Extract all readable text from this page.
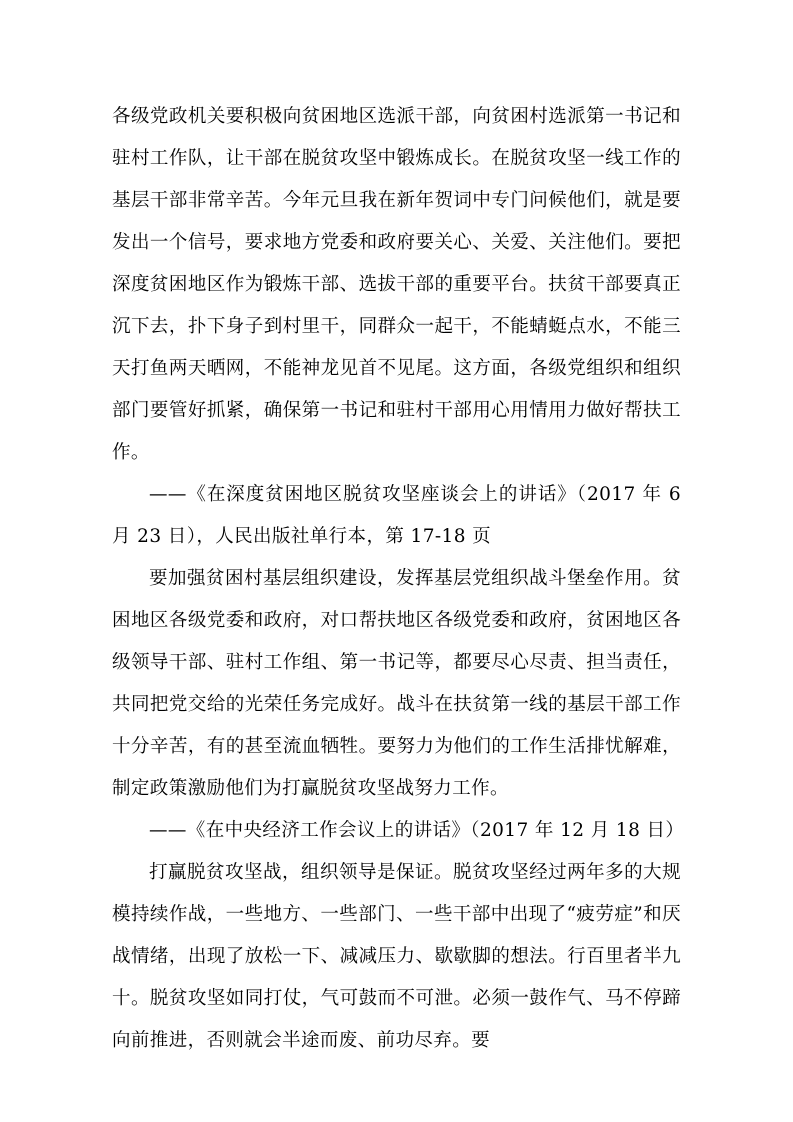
各级党政机关要积极向贫困地区选派干部，向贫困村选派第一书记和驻村工作队，让干部在脱贫攻坚中锻炼成长。在脱贫攻坚一线工作的基层干部非常辛苦。今年元旦我在新年贺词中专门问候他们，就是要发出一个信号，要求地方党委和政府要关心、关爱、关注他们。要把深度贫困地区作为锻炼干部、选拔干部的重要平台。扶贫干部要真正沉下去，扑下身子到村里干，同群众一起干，不能蜻蜓点水，不能三天打鱼两天晒网，不能神龙见首不见尾。这方面，各级党组织和组织部门要管好抓紧，确保第一书记和驻村干部用心用情用力做好帮扶工作。

——《在深度贫困地区脱贫攻坚座谈会上的讲话》（2017 年 6 月 23 日），人民出版社单行本，第 17-18 页

要加强贫困村基层组织建设，发挥基层党组织战斗堡垒作用。贫困地区各级党委和政府，对口帮扶地区各级党委和政府，贫困地区各级领导干部、驻村工作组、第一书记等，都要尽心尽责、担当责任，共同把党交给的光荣任务完成好。战斗在扶贫第一线的基层干部工作十分辛苦，有的甚至流血牺牲。要努力为他们的工作生活排忧解难，制定政策激励他们为打赢脱贫攻坚战努力工作。

——《在中央经济工作会议上的讲话》（2017 年 12 月 18 日）

打赢脱贫攻坚战，组织领导是保证。脱贫攻坚经过两年多的大规模持续作战，一些地方、一些部门、一些干部中出现了“疲劳症”和厌战情绪，出现了放松一下、减减压力、歇歇脚的想法。行百里者半九十。脱贫攻坚如同打仗，气可鼓而不可泄。必须一鼓作气、马不停蹄向前推进，否则就会半途而废、前功尽弃。要
